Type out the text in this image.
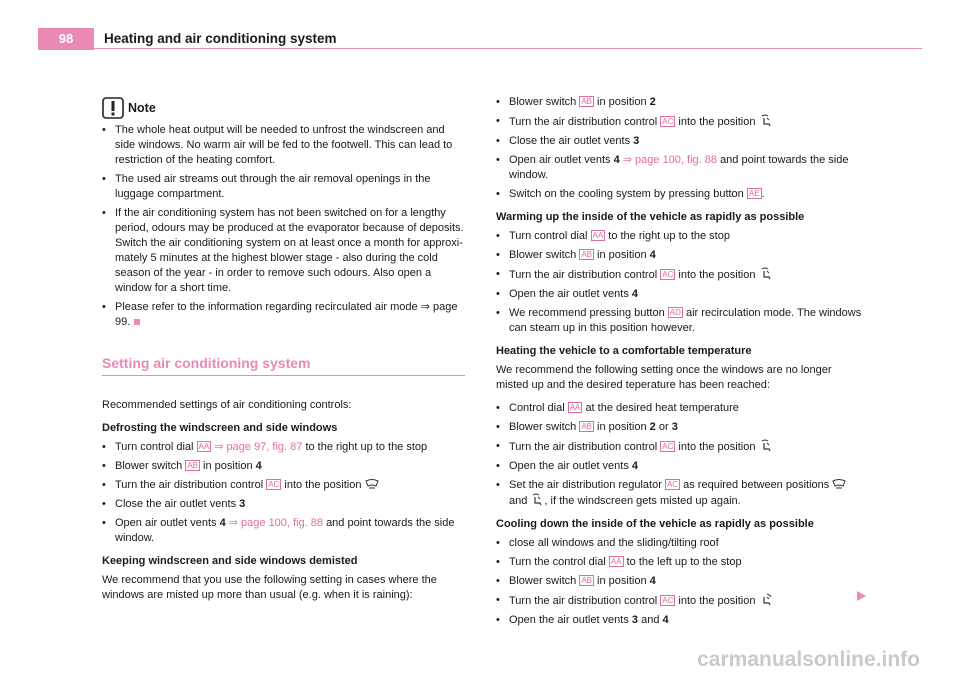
98	Heating and air conditioning system
Note

• The whole heat output will be needed to unfrost the windscreen and side windows. No warm air will be fed to the footwell. This can lead to restriction of the heating comfort.

• The used air streams out through the air removal openings in the luggage compartment.

• If the air conditioning system has not been switched on for a lengthy period, odours may be produced at the evaporator because of deposits. Switch the air conditioning system on at least once a month for approxi-mately 5 minutes at the highest blower stage - also during the cold season of the year - in order to remove such odours. Also open a window for a short time.

• Please refer to the information regarding recirculated air mode ⇒ page 99.

Setting air conditioning system

Recommended settings of air conditioning controls:

Defrosting the windscreen and side windows

• Turn control dial AA ⇒ page 97, fig. 87 to the right up to the stop

• Blower switch AB in position 4

• Turn the air distribution control AC into the position

• Close the air outlet vents 3

• Open air outlet vents 4 ⇒ page 100, fig. 88 and point towards the side window.

Keeping windscreen and side windows demisted

We recommend that you use the following setting in cases where the windows are misted up more than usual (e.g. when it is raining):

• Blower switch AB in position 2

• Turn the air distribution control AC into the position

• Close the air outlet vents 3

• Open air outlet vents 4 ⇒ page 100, fig. 88 and point towards the side window.

• Switch on the cooling system by pressing button AE .

Warming up the inside of the vehicle as rapidly as possible

• Turn control dial AA to the right up to the stop

• Blower switch AB in position 4

• Turn the air distribution control AC into the position

• Open the air outlet vents 4

• We recommend pressing button AD air recirculation mode. The windows can steam up in this position however.

Heating the vehicle to a comfortable temperature

We recommend the following setting once the windows are no longer misted up and the desired teperature has been reached:

• Control dial AA at the desired heat temperature

• Blower switch AB in position 2 or 3

• Turn the air distribution control AC into the position

• Open the air outlet vents 4

• Set the air distribution regulator AC as required between positions  and , if the windscreen gets misted up again.

Cooling down the inside of the vehicle as rapidly as possible

• close all windows and the sliding/tilting roof

• Turn the control dial AA to the left up to the stop

• Blower switch AB in position 4

• Turn the air distribution control AC into the position

• Open the air outlet vents 3 and 4

carmanualsonline.info
